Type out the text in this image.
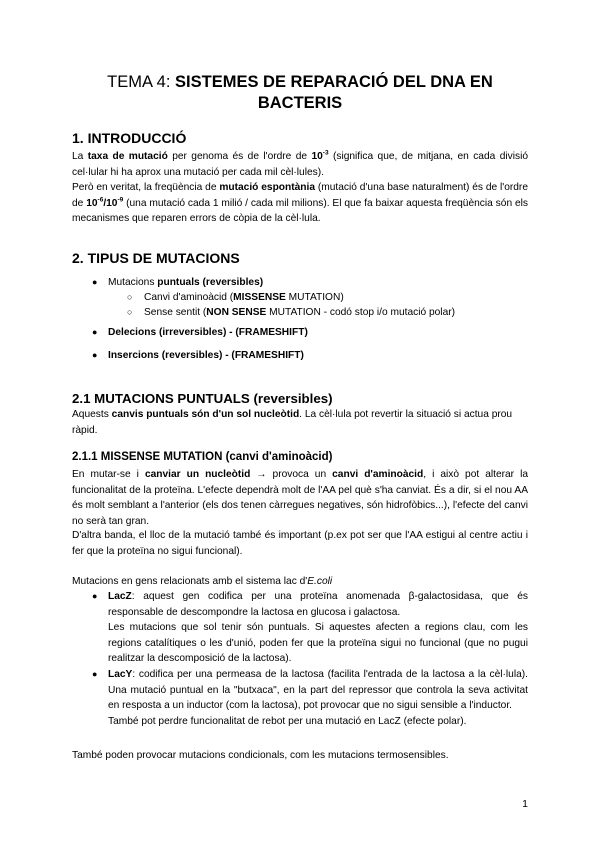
TEMA 4: SISTEMES DE REPARACIÓ DEL DNA EN
BACTERIS
1. INTRODUCCIÓ
La taxa de mutació per genoma és de l'ordre de $10^{-3}$ (significa que, de mitjana, en cada divisió cel·lular hi ha aprox una mutació per cada mil cèl·lules).
Però en veritat, la freqüència de mutació espontània (mutació d'una base naturalment) és de l'ordre de $10^{-6}/10^{-9}$ (una mutació cada 1 milió / cada mil milions). El que fa baixar aquesta freqüència són els mecanismes que reparen errors de còpia de la cèl·lula.
2. TIPUS DE MUTACIONS
● Mutacions puntuals (reversibles)
○ Canvi d'aminoàcid (MISSENSE MUTATION)
○ Sense sentit (NON SENSE MUTATION - codó stop i/o mutació polar)
● Delecions (irreversibles) - (FRAMESHIFT)
● Insercions (reversibles) - (FRAMESHIFT)
2.1 MUTACIONS PUNTUALS (reversibles)
Aquests canvis puntuals són d'un sol nucleòtid. La cèl·lula pot revertir la situació si actua prou ràpid.
2.1.1 MISSENSE MUTATION (canvi d'aminoàcid)
En mutar-se i canviar un nucleòtid → provoca un canvi d'aminoàcid, i això pot alterar la funcionalitat de la proteïna. L'efecte dependrà molt de l'AA pel què s'ha canviat. És a dir, si el nou AA és molt semblant a l'anterior (els dos tenen càrregues negatives, són hidrofòbics...), l'efecte del canvi no serà tan gran.
D'altra banda, el lloc de la mutació també és important (p.ex pot ser que l'AA estigui al centre actiu i fer que la proteïna no sigui funcional).
Mutacions en gens relacionats amb el sistema lac d'E.coli
● LacZ: aquest gen codifica per una proteïna anomenada β-galactosidasa, que és responsable de descompondre la lactosa en glucosa i galactosa.
Les mutacions que sol tenir són puntuals. Si aquestes afecten a regions clau, com les regions catalítiques o les d'unió, poden fer que la proteïna sigui no funcional (que no pugui realitzar la descomposició de la lactosa).
● LacY: codifica per una permeasa de la lactosa (facilita l'entrada de la lactosa a la cèl·lula). Una mutació puntual en la "butxaca", en la part del repressor que controla la seva activitat en resposta a un inductor (com la lactosa), pot provocar que no sigui sensible a l'inductor.
També pot perdre funcionalitat de rebot per una mutació en LacZ (efecte polar).
També poden provocar mutacions condicionals, com les mutacions termosensibles.
1
